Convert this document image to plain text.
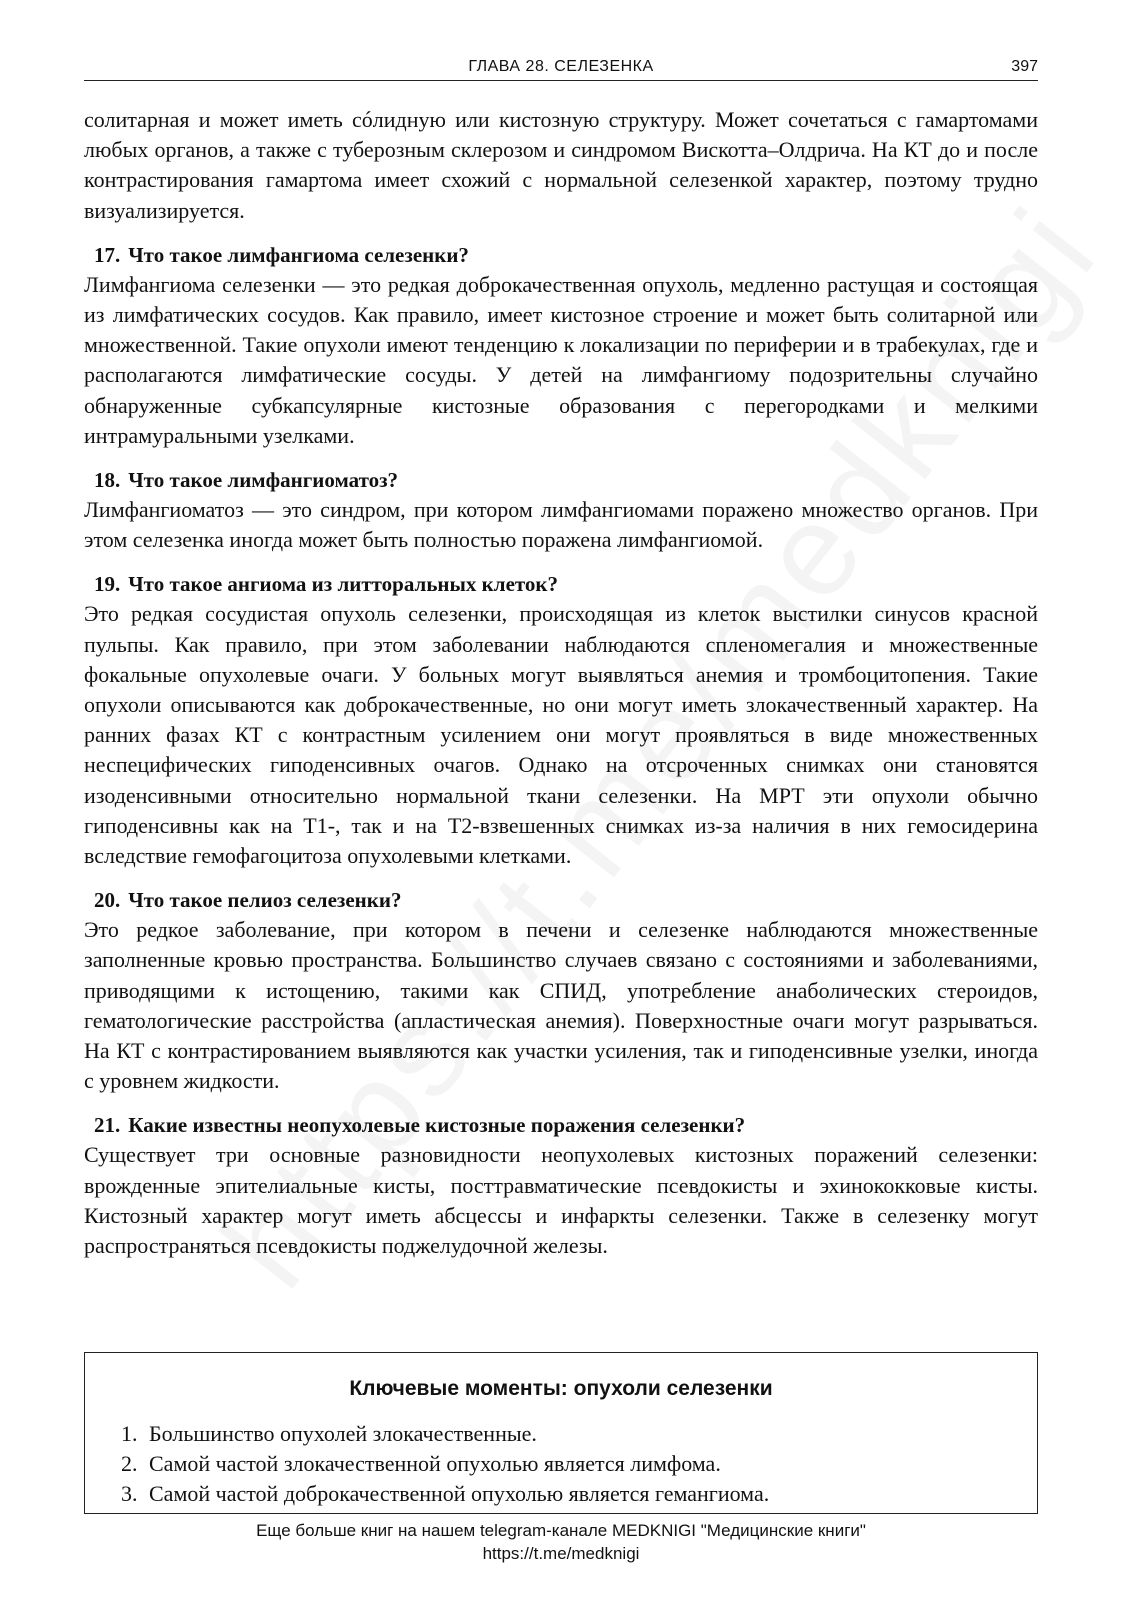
ГЛАВА 28. СЕЛЕЗЕНКА	397

солитарная и может иметь сóлидную или кистозную структуру. Может сочетаться с гамартомами любых органов, а также с туберозным склерозом и синдромом Вискотта–Олдрича. На КТ до и после контрастирования гамартома имеет схожий с нормальной селезенкой характер, поэтому трудно визуализируется.

17. Что такое лимфангиома селезенки?

Лимфангиома селезенки — это редкая доброкачественная опухоль, медленно растущая и состоящая из лимфатических сосудов. Как правило, имеет кистозное строение и может быть солитарной или множественной. Такие опухоли имеют тенденцию к локализации по периферии и в трабекулах, где и располагаются лимфатические сосуды. У детей на лимфангиому подозрительны случайно обнаруженные субкапсулярные кистозные образования с перегородками и мелкими интрамуральными узелками.

18. Что такое лимфангиоматоз?

Лимфангиоматоз — это синдром, при котором лимфангиомами поражено множество органов. При этом селезенка иногда может быть полностью поражена лимфангиомой.

19. Что такое ангиома из литторальных клеток?

Это редкая сосудистая опухоль селезенки, происходящая из клеток выстилки синусов красной пульпы. Как правило, при этом заболевании наблюдаются спленомегалия и множественные фокальные опухолевые очаги. У больных могут выявляться анемия и тромбоцитопения. Такие опухоли описываются как доброкачественные, но они могут иметь злокачественный характер. На ранних фазах КТ с контрастным усилением они могут проявляться в виде множественных неспецифических гиподенсивных очагов. Однако на отсроченных снимках они становятся изоденсивными относительно нормальной ткани селезенки. На МРТ эти опухоли обычно гиподенсивны как на T1-, так и на T2-взвешенных снимках из-за наличия в них гемосидерина вследствие гемофагоцитоза опухолевыми клетками.

20. Что такое пелиоз селезенки?

Это редкое заболевание, при котором в печени и селезенке наблюдаются множественные заполненные кровью пространства. Большинство случаев связано с состояниями и заболеваниями, приводящими к истощению, такими как СПИД, употребление анаболических стероидов, гематологические расстройства (апластическая анемия). Поверхностные очаги могут разрываться. На КТ с контрастированием выявляются как участки усиления, так и гиподенсивные узелки, иногда с уровнем жидкости.

21. Какие известны неопухолевые кистозные поражения селезенки?

Существует три основные разновидности неопухолевых кистозных поражений селезенки: врожденные эпителиальные кисты, посттравматические псевдокисты и эхинококковые кисты. Кистозный характер могут иметь абсцессы и инфаркты селезенки. Также в селезенку могут распространяться псевдокисты поджелудочной железы.

Ключевые моменты: опухоли селезенки
1. Большинство опухолей злокачественные.
2. Самой частой злокачественной опухолью является лимфома.
3. Самой частой доброкачественной опухолью является гемангиома.
Еще больше книг на нашем telegram-канале MEDKNIGI "Медицинские книги"
https://t.me/medknigi
